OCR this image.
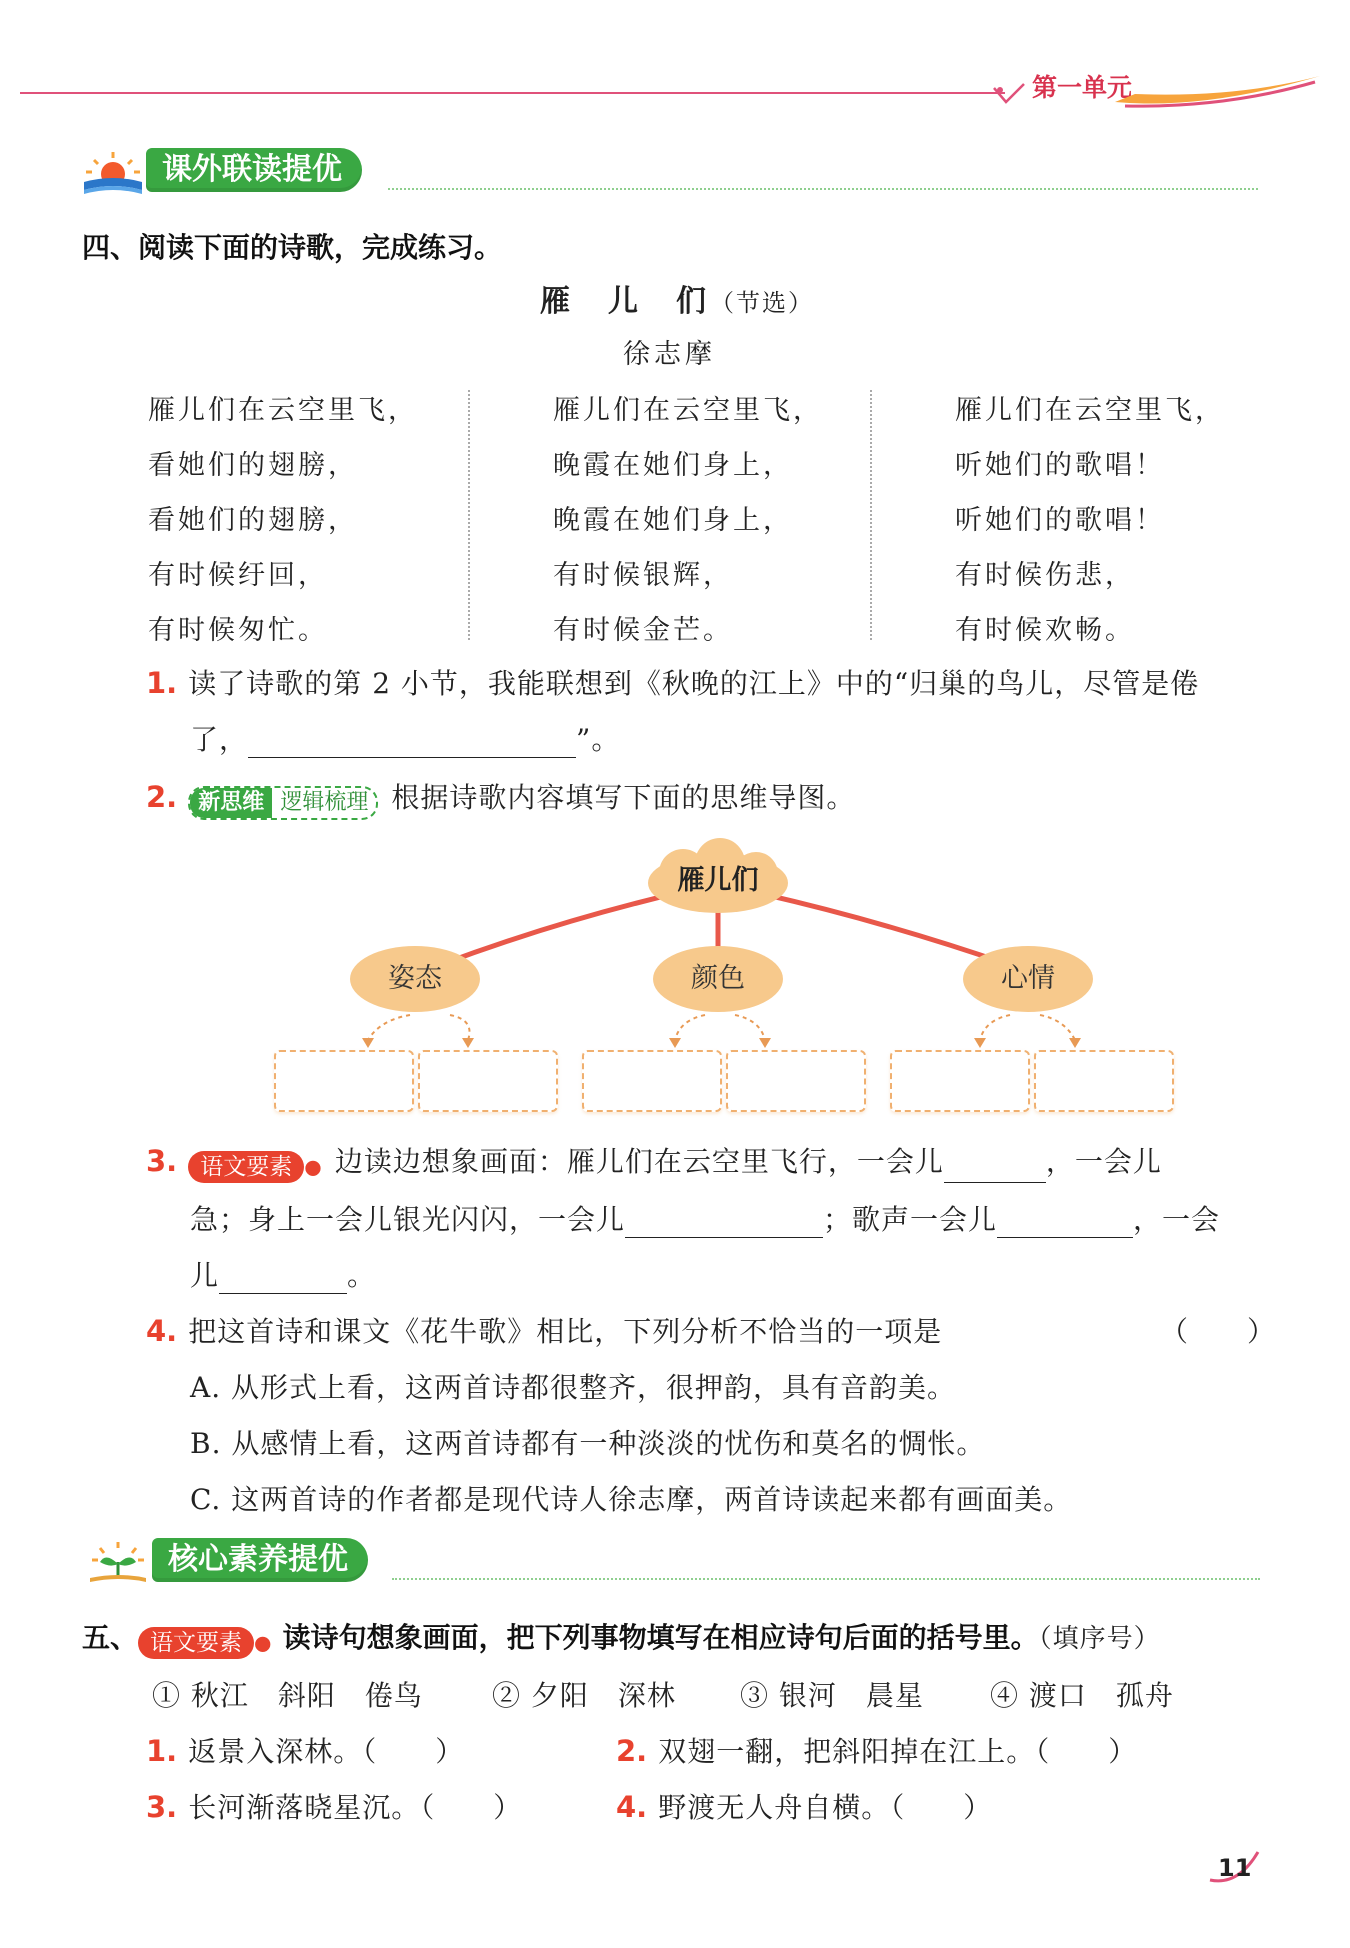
第一单元
课外联读提优
四、阅读下面的诗歌，完成练习。
雁　儿　们（节选）
徐志摩
雁儿们在云空里飞，
看她们的翅膀，
看她们的翅膀，
有时候纡回，
有时候匆忙。
雁儿们在云空里飞，
晚霞在她们身上，
晚霞在她们身上，
有时候银辉，
有时候金芒。
雁儿们在云空里飞，
听她们的歌唱！
听她们的歌唱！
有时候伤悲，
有时候欢畅。
1. 读了诗歌的第 2 小节，我能联想到《秋晚的江上》中的“归巢的鸟儿，尽管是倦
了，	”。
2. 新思维 逻辑梳理 根据诗歌内容填写下面的思维导图。
雁儿们
姿态	颜色	心情
3. 语文要素 ● 边读边想象画面：雁儿们在云空里飞行，一会儿	，一会儿
急；身上一会儿银光闪闪，一会儿	；歌声一会儿	，一会
儿	。
4. 把这首诗和课文《花牛歌》相比，下列分析不恰当的一项是	（　　）
A. 从形式上看，这两首诗都很整齐，很押韵，具有音韵美。
B. 从感情上看，这两首诗都有一种淡淡的忧伤和莫名的惆怅。
C. 这两首诗的作者都是现代诗人徐志摩，两首诗读起来都有画面美。
核心素养提优
五、 语文要素 ● 读诗句想象画面，把下列事物填写在相应诗句后面的括号里。（填序号）
① 秋江　斜阳　倦鸟 ② 夕阳　深林 ③ 银河　晨星 ④ 渡口　孤舟
1. 返景入深林。（　　）	2. 双翅一翻，把斜阳掉在江上。（　　）
3. 长河渐落晓星沉。（　　）	4. 野渡无人舟自横。（　　）
11
